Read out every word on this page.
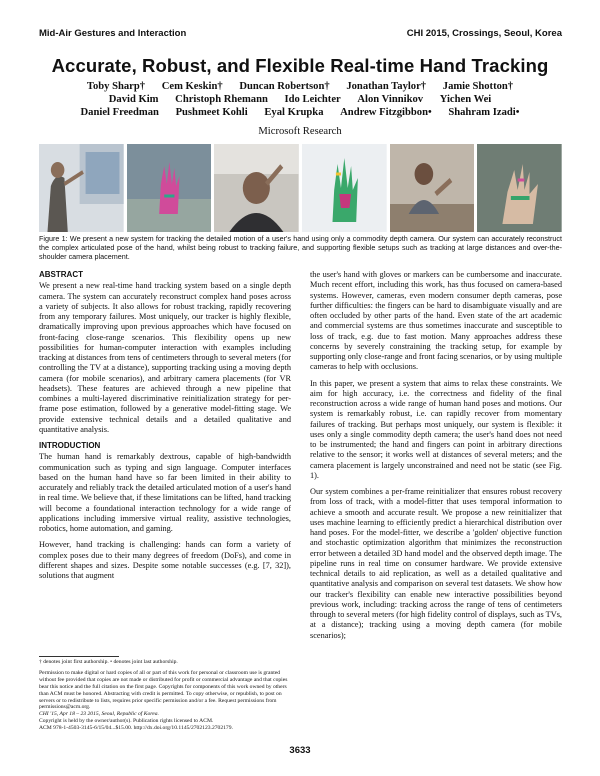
Mid-Air Gestures and Interaction	CHI 2015, Crossings, Seoul, Korea
Accurate, Robust, and Flexible Real-time Hand Tracking
Toby Sharp† Cem Keskin† Duncan Robertson† Jonathan Taylor† Jamie Shotton†
David Kim Christoph Rhemann Ido Leichter Alon Vinnikov Yichen Wei
Daniel Freedman Pushmeet Kohli Eyal Krupka Andrew Fitzgibbon• Shahram Izadi•
Microsoft Research
Figure 1: We present a new system for tracking the detailed motion of a user's hand using only a commodity depth camera. Our system can accurately reconstruct the complex articulated pose of the hand, whilst being robust to tracking failure, and supporting flexible setups such as tracking at large distances and over-the-shoulder camera placement.
ABSTRACT

We present a new real-time hand tracking system based on a single depth camera. The system can accurately reconstruct complex hand poses across a variety of subjects. It also allows for robust tracking, rapidly recovering from any temporary failures. Most uniquely, our tracker is highly flexible, dramatically improving upon previous approaches which have focused on front-facing close-range scenarios. This flexibility opens up new possibilities for human-computer interaction with examples including tracking at distances from tens of centimeters through to several meters (for controlling the TV at a distance), supporting tracking using a moving depth camera (for mobile scenarios), and arbitrary camera placements (for VR headsets). These features are achieved through a new pipeline that combines a multi-layered discriminative reinitialization strategy for per-frame pose estimation, followed by a generative model-fitting stage. We provide extensive technical details and a detailed qualitative and quantitative analysis.

INTRODUCTION

The human hand is remarkably dextrous, capable of high-bandwidth communication such as typing and sign language. Computer interfaces based on the human hand have so far been limited in their ability to accurately and reliably track the detailed articulated motion of a user's hand in real time. We believe that, if these limitations can be lifted, hand tracking will become a foundational interaction technology for a wide range of applications including immersive virtual reality, assistive technologies, robotics, home automation, and gaming.

However, hand tracking is challenging: hands can form a variety of complex poses due to their many degrees of freedom (DoFs), and come in different shapes and sizes. Despite some notable successes (e.g. [7, 32]), solutions that augment

the user's hand with gloves or markers can be cumbersome and inaccurate. Much recent effort, including this work, has thus focused on camera-based systems. However, cameras, even modern consumer depth cameras, pose further difficulties: the fingers can be hard to disambiguate visually and are often occluded by other parts of the hand. Even state of the art academic and commercial systems are thus sometimes inaccurate and susceptible to loss of track, e.g. due to fast motion. Many approaches address these concerns by severely constraining the tracking setup, for example by supporting only close-range and front facing scenarios, or by using multiple cameras to help with occlusions.

In this paper, we present a system that aims to relax these constraints. We aim for high accuracy, i.e. the correctness and fidelity of the final reconstruction across a wide range of human hand poses and motions. Our system is remarkably robust, i.e. can rapidly recover from momentary failures of tracking. But perhaps most uniquely, our system is flexible: it uses only a single commodity depth camera; the user's hand does not need to be instrumented; the hand and fingers can point in arbitrary directions relative to the sensor; it works well at distances of several meters; and the camera placement is largely unconstrained and need not be static (see Fig. 1).

Our system combines a per-frame reinitializer that ensures robust recovery from loss of track, with a model-fitter that uses temporal information to achieve a smooth and accurate result. We propose a new reinitializer that uses machine learning to efficiently predict a hierarchical distribution over hand poses. For the model-fitter, we describe a 'golden' objective function and stochastic optimization algorithm that minimizes the reconstruction error between a detailed 3D hand model and the observed depth image. The pipeline runs in real time on consumer hardware. We provide extensive technical details to aid replication, as well as a detailed qualitative and quantitative analysis and comparison on several test datasets. We show how our tracker's flexibility can enable new interactive possibilities beyond previous work, including: tracking across the range of tens of centimeters through to several meters (for high fidelity control of displays, such as TVs, at a distance); tracking using a moving depth camera (for mobile scenarios);

† denotes joint first authorship. • denotes joint last authorship.

Permission to make digital or hard copies of all or part of this work for personal or classroom use is granted without fee provided that copies are not made or distributed for profit or commercial advantage and that copies bear this notice and the full citation on the first page. Copyrights for components of this work owned by others than ACM must be honored. Abstracting with credit is permitted. To copy otherwise, or republish, to post on servers or to redistribute to lists, requires prior specific permission and/or a fee. Request permissions from permissions@acm.org.
CHI '15, Apr 18 – 23 2015, Seoul, Republic of Korea.
Copyright is held by the owner/author(s). Publication rights licensed to ACM.
ACM 978-1-4503-3145-6/15/04...$15.00. http://dx.doi.org/10.1145/2702123.2702179.

3633
